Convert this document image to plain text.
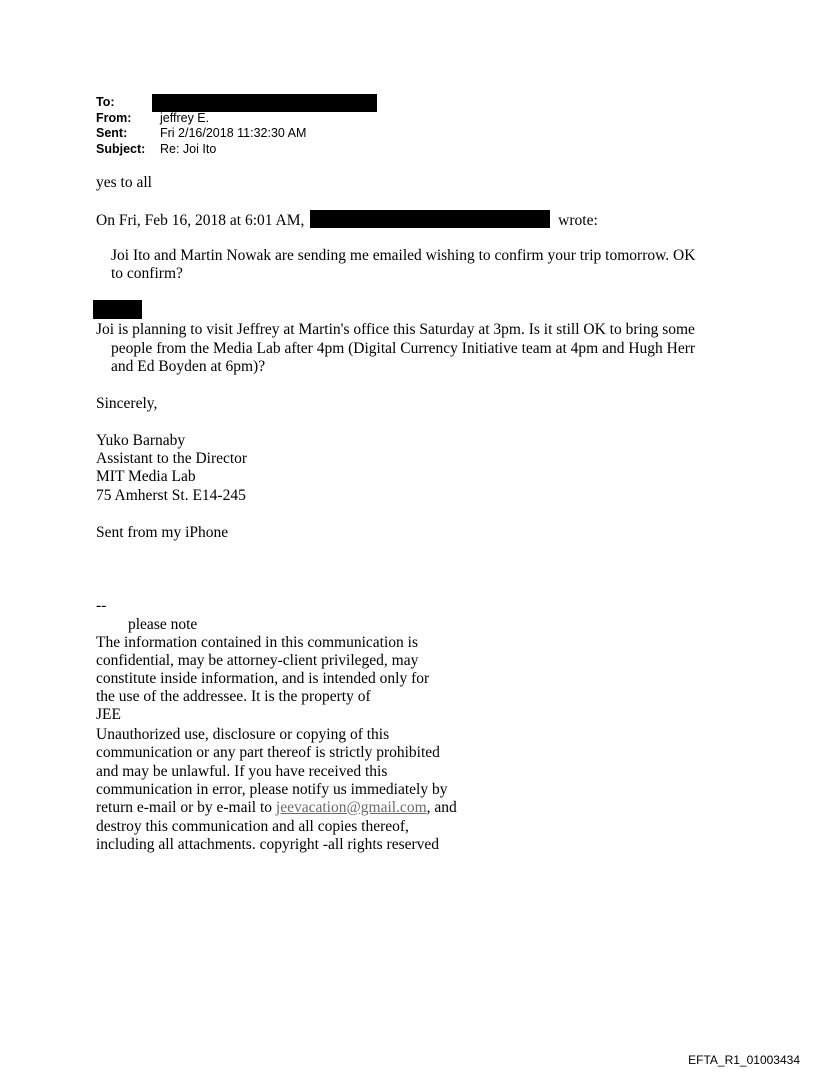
To:
From:	jeffrey E.
Sent:	Fri 2/16/2018 11:32:30 AM
Subject:	Re: Joi Ito
yes to all
On Fri, Feb 16, 2018 at 6:01 AM,	wrote:
Joi Ito and Martin Nowak are sending me emailed wishing to confirm your trip tomorrow. OK
to confirm?
Joi is planning to visit Jeffrey at Martin's office this Saturday at 3pm. Is it still OK to bring some
people from the Media Lab after 4pm (Digital Currency Initiative team at 4pm and Hugh Herr
and Ed Boyden at 6pm)?
Sincerely,
Yuko Barnaby
Assistant to the Director
MIT Media Lab
75 Amherst St. E14-245
Sent from my iPhone
--
please note
The information contained in this communication is
confidential, may be attorney-client privileged, may
constitute inside information, and is intended only for
the use of the addressee. It is the property of
JEE
Unauthorized use, disclosure or copying of this
communication or any part thereof is strictly prohibited
and may be unlawful. If you have received this
communication in error, please notify us immediately by
return e-mail or by e-mail to jeevacation@gmail.com, and
destroy this communication and all copies thereof,
including all attachments. copyright -all rights reserved
EFTA_R1_01003434
